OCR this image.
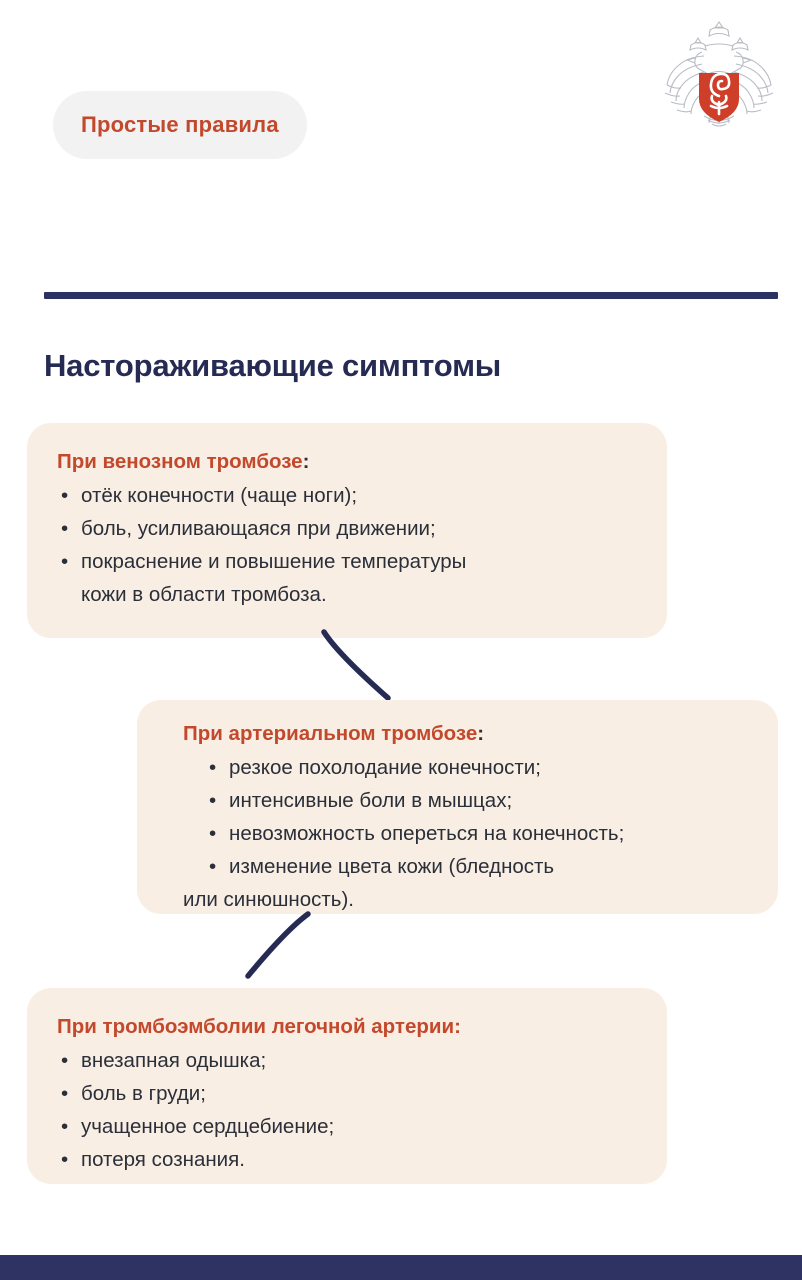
Простые правила
Настораживающие симптомы

При венозном тромбозе:

• отёк конечности (чаще ноги);
• боль, усиливающаяся при движении;
• покраснение и повышение температуры
кожи в области тромбоза.

При артериальном тромбозе:

• резкое похолодание конечности;
• интенсивные боли в мышцах;
• невозможность опереться на конечность;
• изменение цвета кожи (бледность
или синюшность).

При тромбоэмболии легочной артерии:

• внезапная одышка;
• боль в груди;
• учащенное сердцебиение;
• потеря сознания.
